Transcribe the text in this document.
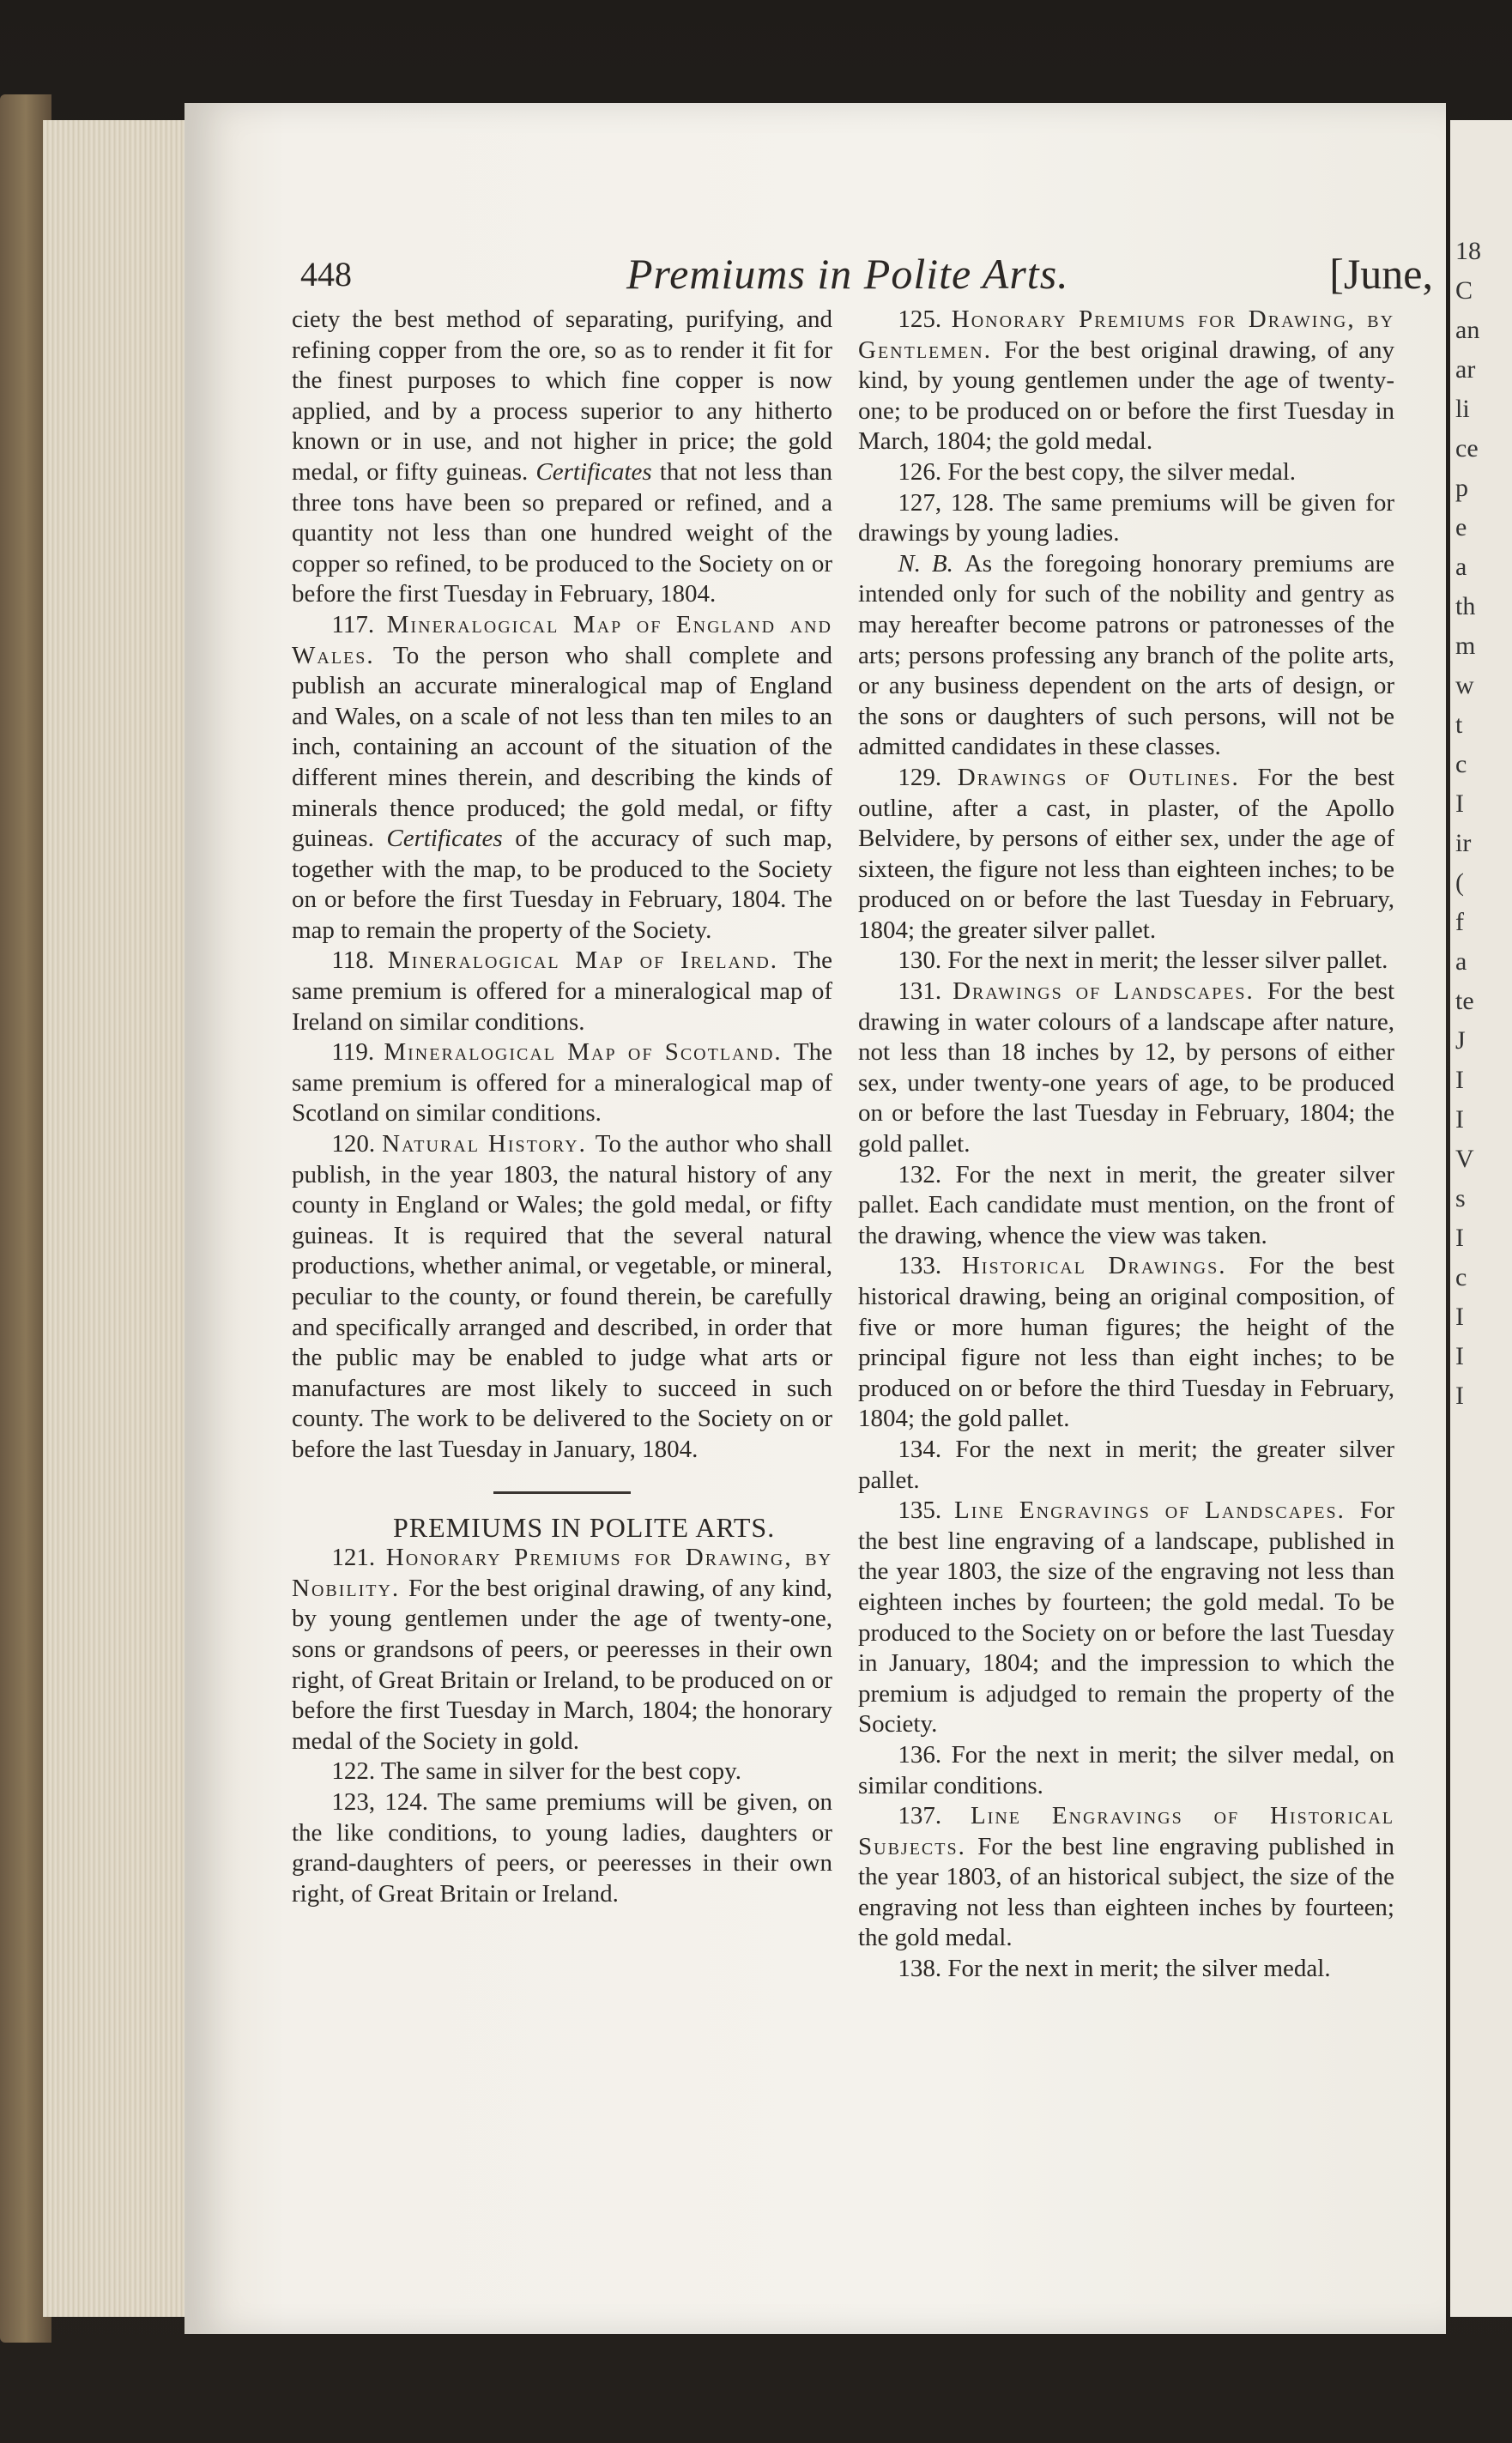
18
C
an
ar
li
ce
p
e
a
th
m
w
t
c
I
ir
(
f
a
te
J
I
I
V
s
I
c
I
I
I
448	Premiums in Polite Arts.	[June,

ciety the best method of separating, purifying, and refining copper from the ore, so as to render it fit for the finest purposes to which fine copper is now applied, and by a process superior to any hitherto known or in use, and not higher in price; the gold medal, or fifty guineas. Certificates that not less than three tons have been so prepared or refined, and a quantity not less than one hundred weight of the copper so refined, to be produced to the Society on or before the first Tuesday in February, 1804.

117. Mineralogical Map of England and Wales. To the person who shall complete and publish an accurate mineralogical map of England and Wales, on a scale of not less than ten miles to an inch, containing an account of the situation of the different mines therein, and describing the kinds of minerals thence produced; the gold medal, or fifty guineas. Certificates of the accuracy of such map, together with the map, to be produced to the Society on or before the first Tuesday in February, 1804. The map to remain the property of the Society.

118. Mineralogical Map of Ireland. The same premium is offered for a mineralogical map of Ireland on similar conditions.

119. Mineralogical Map of Scotland. The same premium is offered for a mineralogical map of Scotland on similar conditions.

120. Natural History. To the author who shall publish, in the year 1803, the natural history of any county in England or Wales; the gold medal, or fifty guineas. It is required that the several natural productions, whether animal, or vegetable, or mineral, peculiar to the county, or found therein, be carefully and specifically arranged and described, in order that the public may be enabled to judge what arts or manufactures are most likely to succeed in such county. The work to be delivered to the Society on or before the last Tuesday in January, 1804.

PREMIUMS IN POLITE ARTS.

121. Honorary Premiums for Drawing, by Nobility. For the best original drawing, of any kind, by young gentlemen under the age of twenty-one, sons or grandsons of peers, or peeresses in their own right, of Great Britain or Ireland, to be produced on or before the first Tuesday in March, 1804; the honorary medal of the Society in gold.

122. The same in silver for the best copy.

123, 124. The same premiums will be given, on the like conditions, to young ladies, daughters or grand-daughters of peers, or peeresses in their own right, of Great Britain or Ireland.

125. Honorary Premiums for Drawing, by Gentlemen. For the best original drawing, of any kind, by young gentlemen under the age of twenty-one; to be produced on or before the first Tuesday in March, 1804; the gold medal.

126. For the best copy, the silver medal.

127, 128. The same premiums will be given for drawings by young ladies.

N. B. As the foregoing honorary premiums are intended only for such of the nobility and gentry as may hereafter become patrons or patronesses of the arts; persons professing any branch of the polite arts, or any business dependent on the arts of design, or the sons or daughters of such persons, will not be admitted candidates in these classes.

129. Drawings of Outlines. For the best outline, after a cast, in plaster, of the Apollo Belvidere, by persons of either sex, under the age of sixteen, the figure not less than eighteen inches; to be produced on or before the last Tuesday in February, 1804; the greater silver pallet.

130. For the next in merit; the lesser silver pallet.

131. Drawings of Landscapes. For the best drawing in water colours of a landscape after nature, not less than 18 inches by 12, by persons of either sex, under twenty-one years of age, to be produced on or before the last Tuesday in February, 1804; the gold pallet.

132. For the next in merit, the greater silver pallet. Each candidate must mention, on the front of the drawing, whence the view was taken.

133. Historical Drawings. For the best historical drawing, being an original composition, of five or more human figures; the height of the principal figure not less than eight inches; to be produced on or before the third Tuesday in February, 1804; the gold pallet.

134. For the next in merit; the greater silver pallet.

135. Line Engravings of Landscapes. For the best line engraving of a landscape, published in the year 1803, the size of the engraving not less than eighteen inches by fourteen; the gold medal. To be produced to the Society on or before the last Tuesday in January, 1804; and the impression to which the premium is adjudged to remain the property of the Society.

136. For the next in merit; the silver medal, on similar conditions.

137. Line Engravings of Historical Subjects. For the best line engraving published in the year 1803, of an historical subject, the size of the engraving not less than eighteen inches by fourteen; the gold medal.

138. For the next in merit; the silver medal.
